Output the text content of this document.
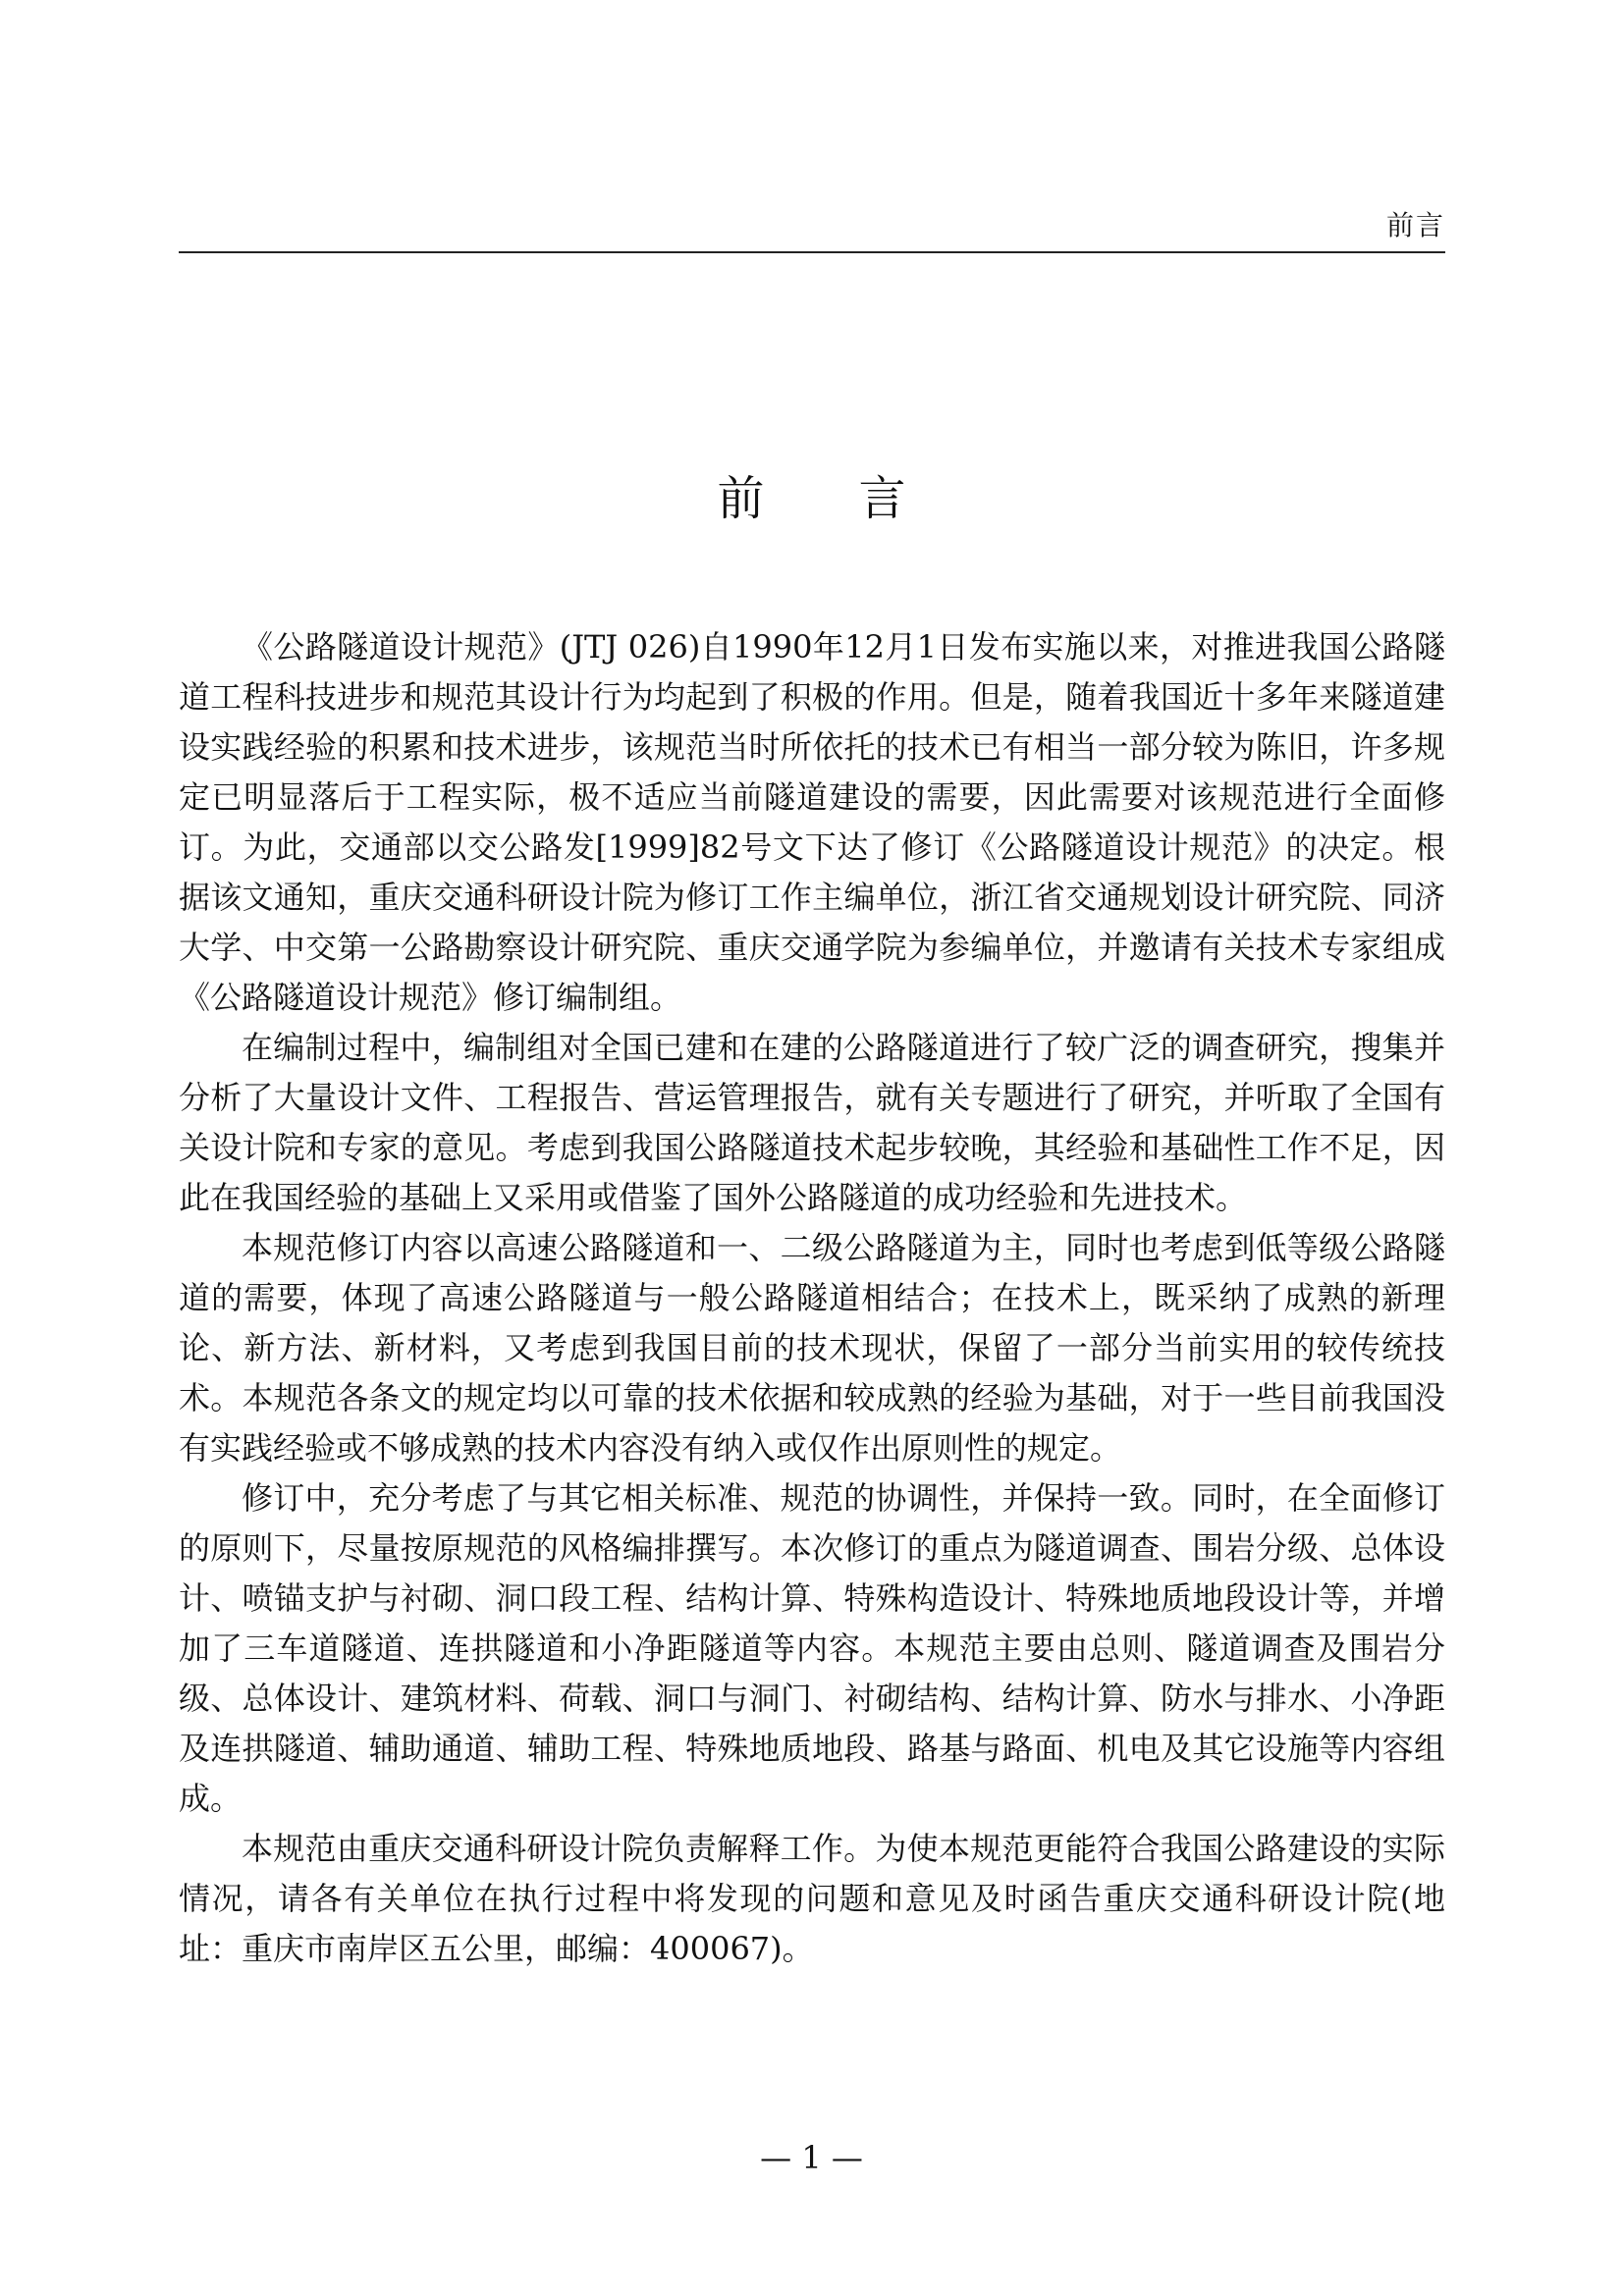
前言
前 言

《公路隧道设计规范》(JTJ 026)自1990年12月1日发布实施以来，对推进我国公路隧道工程科技进步和规范其设计行为均起到了积极的作用。但是，随着我国近十多年来隧道建设实践经验的积累和技术进步，该规范当时所依托的技术已有相当一部分较为陈旧，许多规定已明显落后于工程实际，极不适应当前隧道建设的需要，因此需要对该规范进行全面修订。为此，交通部以交公路发[1999]82号文下达了修订《公路隧道设计规范》的决定。根据该文通知，重庆交通科研设计院为修订工作主编单位，浙江省交通规划设计研究院、同济大学、中交第一公路勘察设计研究院、重庆交通学院为参编单位，并邀请有关技术专家组成《公路隧道设计规范》修订编制组。

在编制过程中，编制组对全国已建和在建的公路隧道进行了较广泛的调查研究，搜集并分析了大量设计文件、工程报告、营运管理报告，就有关专题进行了研究，并听取了全国有关设计院和专家的意见。考虑到我国公路隧道技术起步较晚，其经验和基础性工作不足，因此在我国经验的基础上又采用或借鉴了国外公路隧道的成功经验和先进技术。

本规范修订内容以高速公路隧道和一、二级公路隧道为主，同时也考虑到低等级公路隧道的需要，体现了高速公路隧道与一般公路隧道相结合；在技术上，既采纳了成熟的新理论、新方法、新材料，又考虑到我国目前的技术现状，保留了一部分当前实用的较传统技术。本规范各条文的规定均以可靠的技术依据和较成熟的经验为基础，对于一些目前我国没有实践经验或不够成熟的技术内容没有纳入或仅作出原则性的规定。

修订中，充分考虑了与其它相关标准、规范的协调性，并保持一致。同时，在全面修订的原则下，尽量按原规范的风格编排撰写。本次修订的重点为隧道调查、围岩分级、总体设计、喷锚支护与衬砌、洞口段工程、结构计算、特殊构造设计、特殊地质地段设计等，并增加了三车道隧道、连拱隧道和小净距隧道等内容。本规范主要由总则、隧道调查及围岩分级、总体设计、建筑材料、荷载、洞口与洞门、衬砌结构、结构计算、防水与排水、小净距及连拱隧道、辅助通道、辅助工程、特殊地质地段、路基与路面、机电及其它设施等内容组成。

本规范由重庆交通科研设计院负责解释工作。为使本规范更能符合我国公路建设的实际情况，请各有关单位在执行过程中将发现的问题和意见及时函告重庆交通科研设计院(地址：重庆市南岸区五公里，邮编：400067)。

— 1 —
